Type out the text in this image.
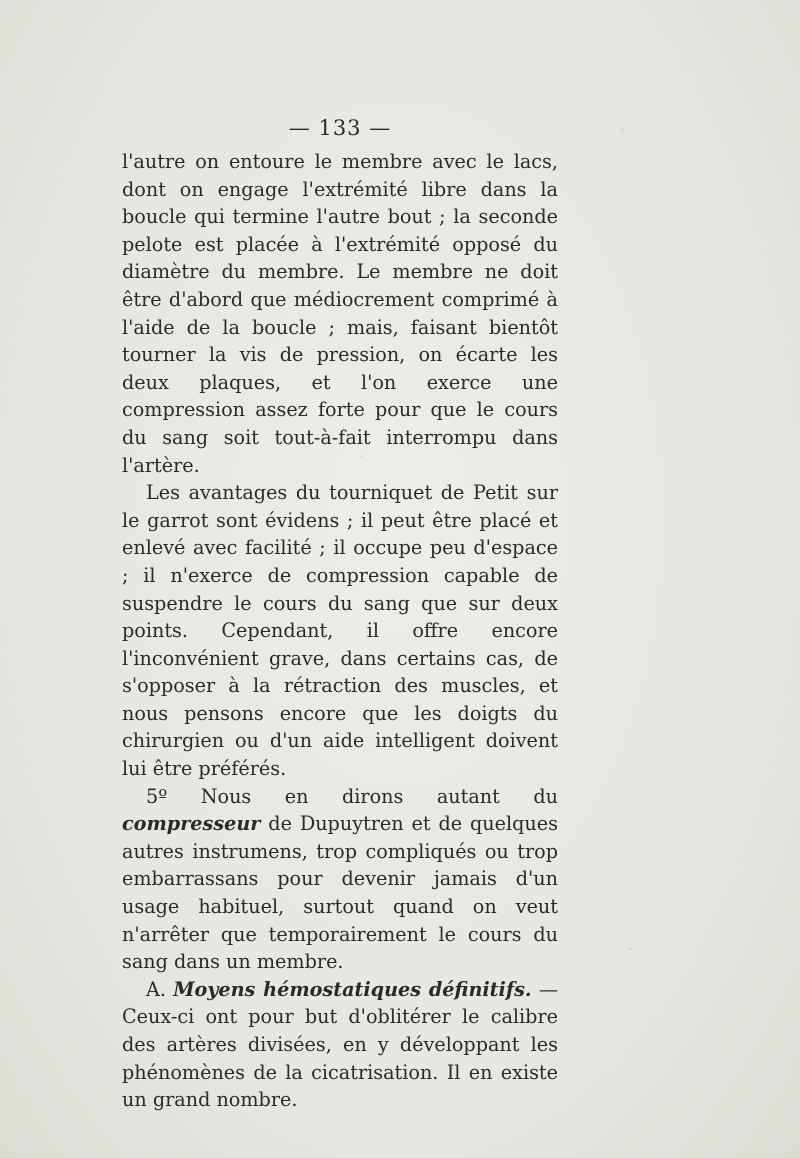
— 133 —

l'autre on entoure le membre avec le lacs, dont on engage l'extrémité libre dans la boucle qui termine l'autre bout ; la seconde pelote est placée à l'extrémité opposé du diamètre du membre. Le membre ne doit être d'abord que médiocrement comprimé à l'aide de la boucle ; mais, faisant bientôt tourner la vis de pression, on écarte les deux plaques, et l'on exerce une compression assez forte pour que le cours du sang soit tout-à-fait interrompu dans l'artère.

Les avantages du tourniquet de Petit sur le garrot sont évidens ; il peut être placé et enlevé avec facilité ; il occupe peu d'espace ; il n'exerce de compression capable de suspendre le cours du sang que sur deux points. Cependant, il offre encore l'inconvénient grave, dans certains cas, de s'opposer à la rétraction des muscles, et nous pensons encore que les doigts du chirurgien ou d'un aide intelligent doivent lui être préférés.

5º Nous en dirons autant du compresseur de Dupuytren et de quelques autres instrumens, trop compliqués ou trop embarrassans pour devenir jamais d'un usage habituel, surtout quand on veut n'arrêter que temporairement le cours du sang dans un membre.

A. Moyens hémostatiques définitifs. — Ceux-ci ont pour but d'oblitérer le calibre des artères divisées, en y développant les phénomènes de la cicatrisation. Il en existe un grand nombre.
